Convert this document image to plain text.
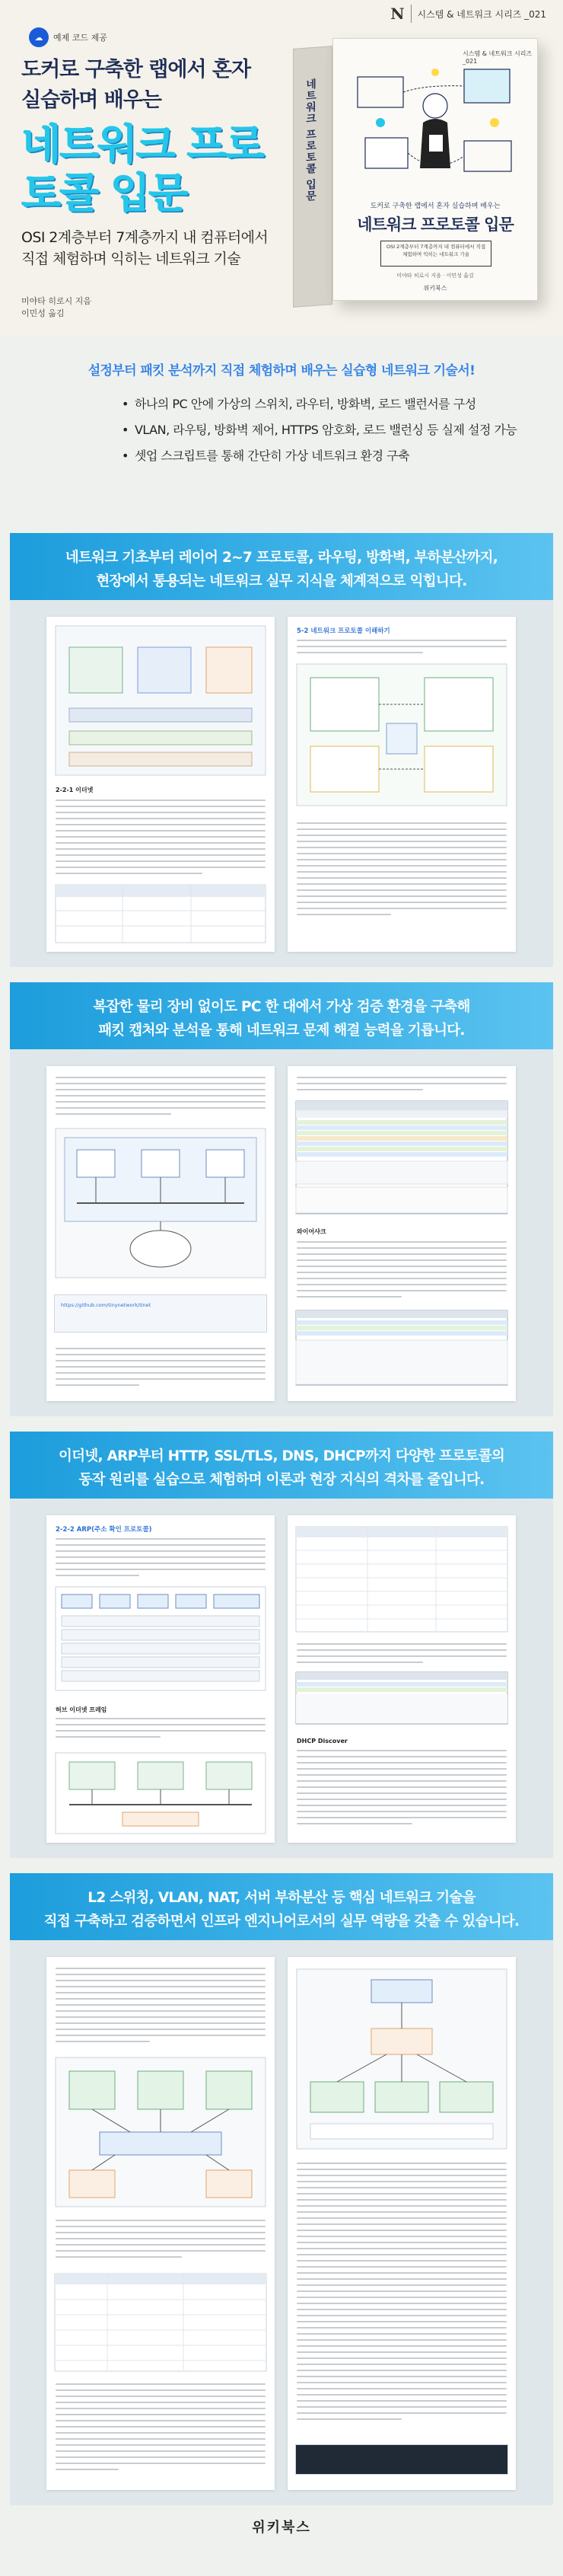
N	시스템 & 네트워크 시리즈 _021
☁	예제 코드 제공
도커로 구축한 랩에서 혼자 실습하며 배우는
네트워크 프로토콜 입문
OSI 2계층부터 7계층까지 내 컴퓨터에서 직접 체험하며 익히는 네트워크 기술
미야타 히로시 지음
이민성 옮김
네트워크 프로토콜 입문
시스템 & 네트워크 시리즈 _021
도커로 구축한 랩에서 혼자 실습하며 배우는
네트워크 프로토콜 입문
OSI 2계층부터 7계층까지 내 컴퓨터에서 직접 체험하며 익히는 네트워크 기술
미야타 히로시 지음 · 이민성 옮김
위키북스
설정부터 패킷 분석까지 직접 체험하며 배우는 실습형 네트워크 기술서!
• 하나의 PC 안에 가상의 스위치, 라우터, 방화벽, 로드 밸런서를 구성
• VLAN, 라우팅, 방화벽 제어, HTTPS 암호화, 로드 밸런싱 등 실제 설정 가능
• 셋업 스크립트를 통해 간단히 가상 네트워크 환경 구축
네트워크 기초부터 레이어 2~7 프로토콜, 라우팅, 방화벽, 부하분산까지,
현장에서 통용되는 네트워크 실무 지식을 체계적으로 익힙니다.
2-2-1 이더넷
5-2 네트워크 프로토콜 이해하기
복잡한 물리 장비 없이도 PC 한 대에서 가상 검증 환경을 구축해
패킷 캡처와 분석을 통해 네트워크 문제 해결 능력을 기릅니다.
https://github.com/tinynetwork/tinet
와이어샤크
이더넷, ARP부터 HTTP, SSL/TLS, DNS, DHCP까지 다양한 프로토콜의
동작 원리를 실습으로 체험하며 이론과 현장 지식의 격차를 줄입니다.
2-2-2 ARP(주소 확인 프로토콜)
허브 이더넷 프레임
DHCP Discover
L2 스위칭, VLAN, NAT, 서버 부하분산 등 핵심 네트워크 기술을
직접 구축하고 검증하면서 인프라 엔지니어로서의 실무 역량을 갖출 수 있습니다.
위키북스
